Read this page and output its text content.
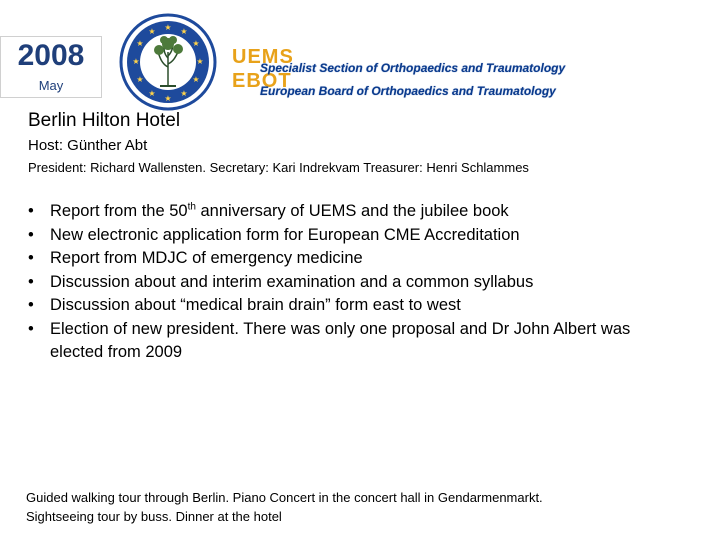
2008
May
★ ★
★
★
★
★
★
★
★
★
★
★
UEMS
EBOT
Specialist Section of Orthopaedics and Traumatology
European Board of Orthopaedics and Traumatology
Berlin Hilton Hotel

Host: Günther Abt

President: Richard Wallensten. Secretary: Kari Indrekvam Treasurer: Henri Schlammes

• Report from the 50th anniversary of UEMS and the jubilee book
• New electronic application form for European CME Accreditation
• Report from MDJC of emergency medicine
• Discussion about and interim examination and a common syllabus
• Discussion about “medical brain drain” form east to west
• Election of new president. There was only one proposal and Dr John Albert was elected from 2009

Guided walking tour through Berlin. Piano Concert in the concert hall in Gendarmenmarkt.
Sightseeing tour by buss. Dinner at the hotel
